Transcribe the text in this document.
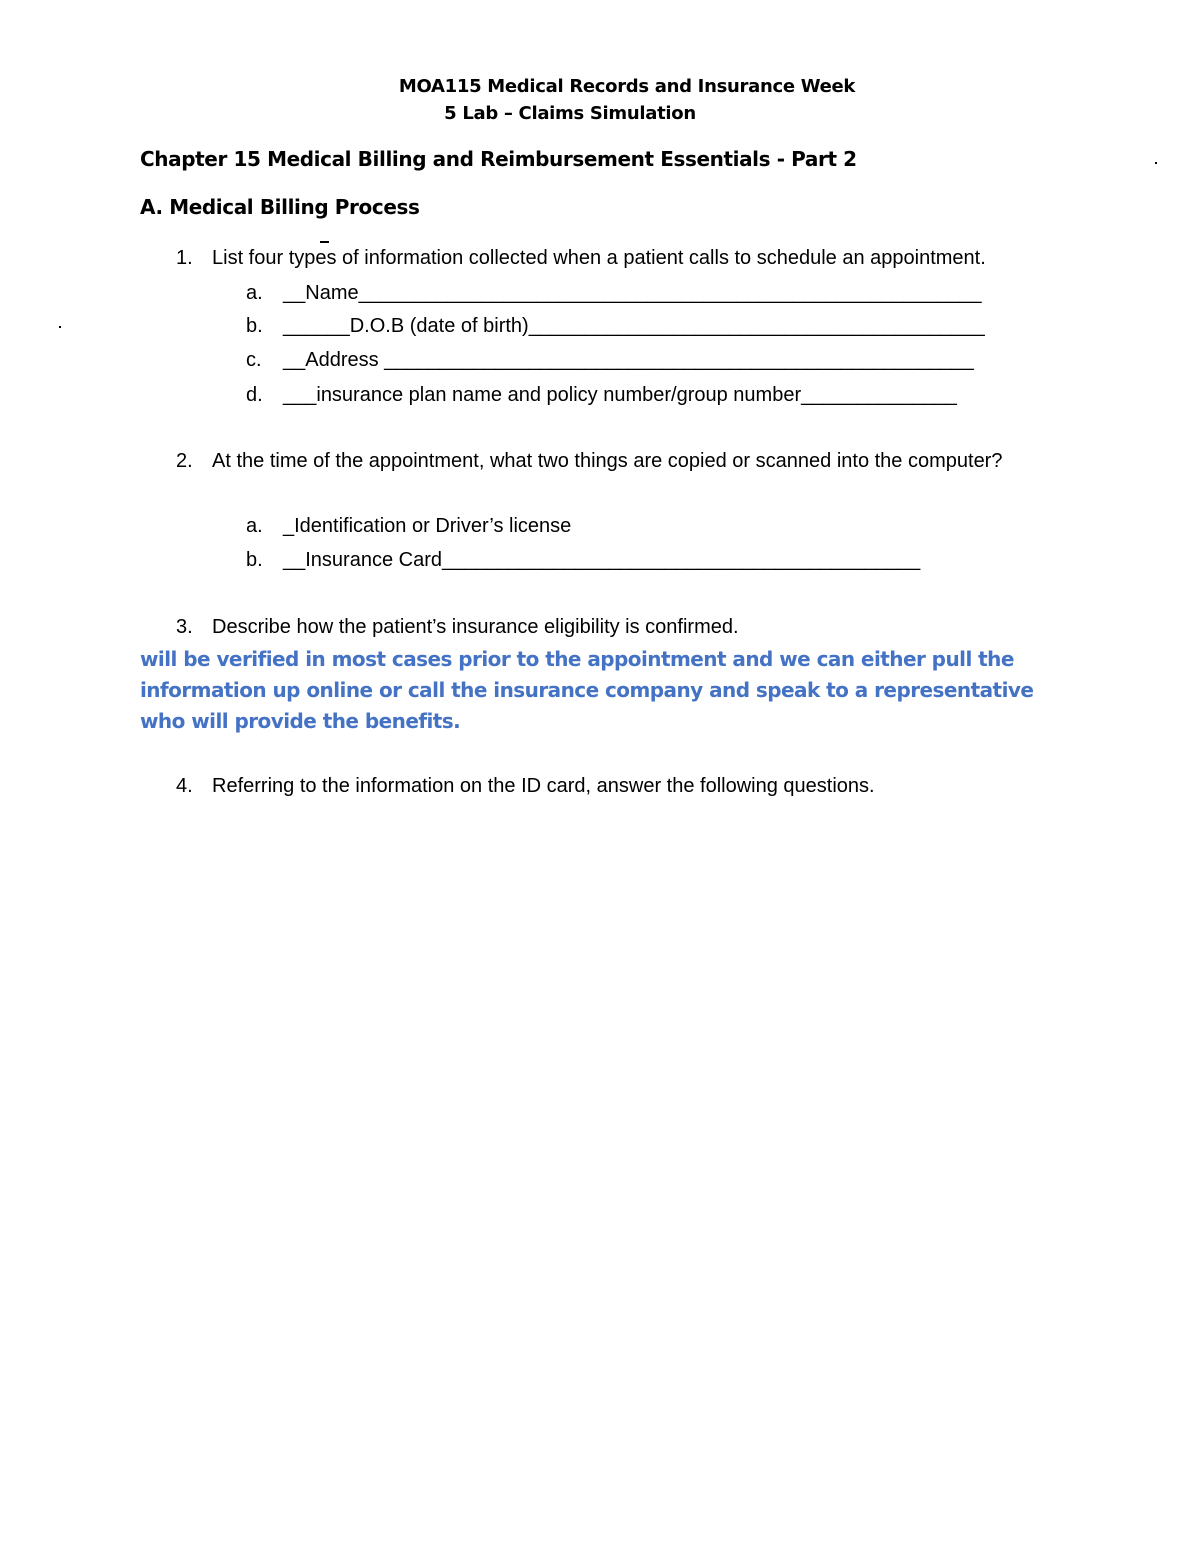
MOA115 Medical Records and Insurance Week
5 Lab – Claims Simulation
Chapter 15 Medical Billing and Reimbursement Essentials - Part 2
A. Medical Billing Process
1. List four types of information collected when a patient calls to schedule an appointment.
a. __Name________________________________________________________
b. ______D.O.B (date of birth)_________________________________________
c. __Address _____________________________________________________
d. ___insurance plan name and policy number/group number______________
2. At the time of the appointment, what two things are copied or scanned into the computer?
a. _Identification or Driver’s license
b. __Insurance Card___________________________________________
3. Describe how the patient’s insurance eligibility is confirmed.
will be verified in most cases prior to the appointment and we can either pull the information up online or call the insurance company and speak to a representative who will provide the benefits.
4. Referring to the information on the ID card, answer the following questions.
